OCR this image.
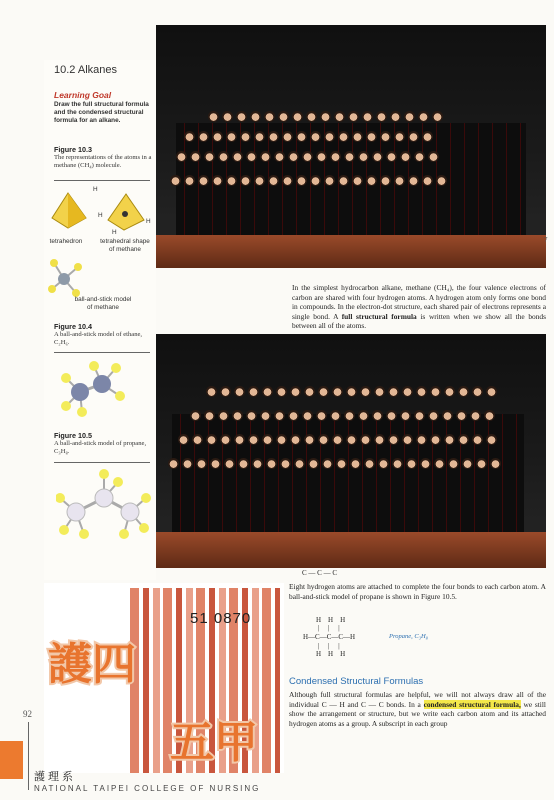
10.2 Alkanes
Learning Goal
Draw the full structural formula and the condensed structural formula for an alkane.
Figure 10.3
The representations of the atoms in a methane (CH₄) molecule.
H
H
H
H
tetrahedron	tetrahedral shape of methane
ball-and-stick model of methane
Figure 10.4
A ball-and-stick model of ethane, C₂H₆.
Figure 10.5
A ball-and-stick model of propane, C₃H₈.
7
In the simplest hydrocarbon alkane, methane (CH₄), the four valence electrons of carbon are shared with four hydrogen atoms. A hydrogen atom only forms one bond in compounds. In the electron-dot structure, each shared pair of electrons represents a single bond. A full structural formula is written when we show all the bonds between all of the atoms.
C — C — C
Eight hydrogen atoms are attached to complete the four bonds to each carbon atom. A ball-and-stick model of propane is shown in Figure 10.5.
H    H    H
|     |     |
H—C—C—C—H
|     |     |
H    H    H
Propane, C₃H₈
Condensed Structural Formulas
Although full structural formulas are helpful, we will not always draw all of the individual C — H and C — C bonds. In a condensed structural formula, we still show the arrangement or structure, but we write each carbon atom and its attached hydrogen atoms as a group. A subscript in each group
51 0870
護四
五甲
92
護理系
NATIONAL TAIPEI COLLEGE OF NURSING
